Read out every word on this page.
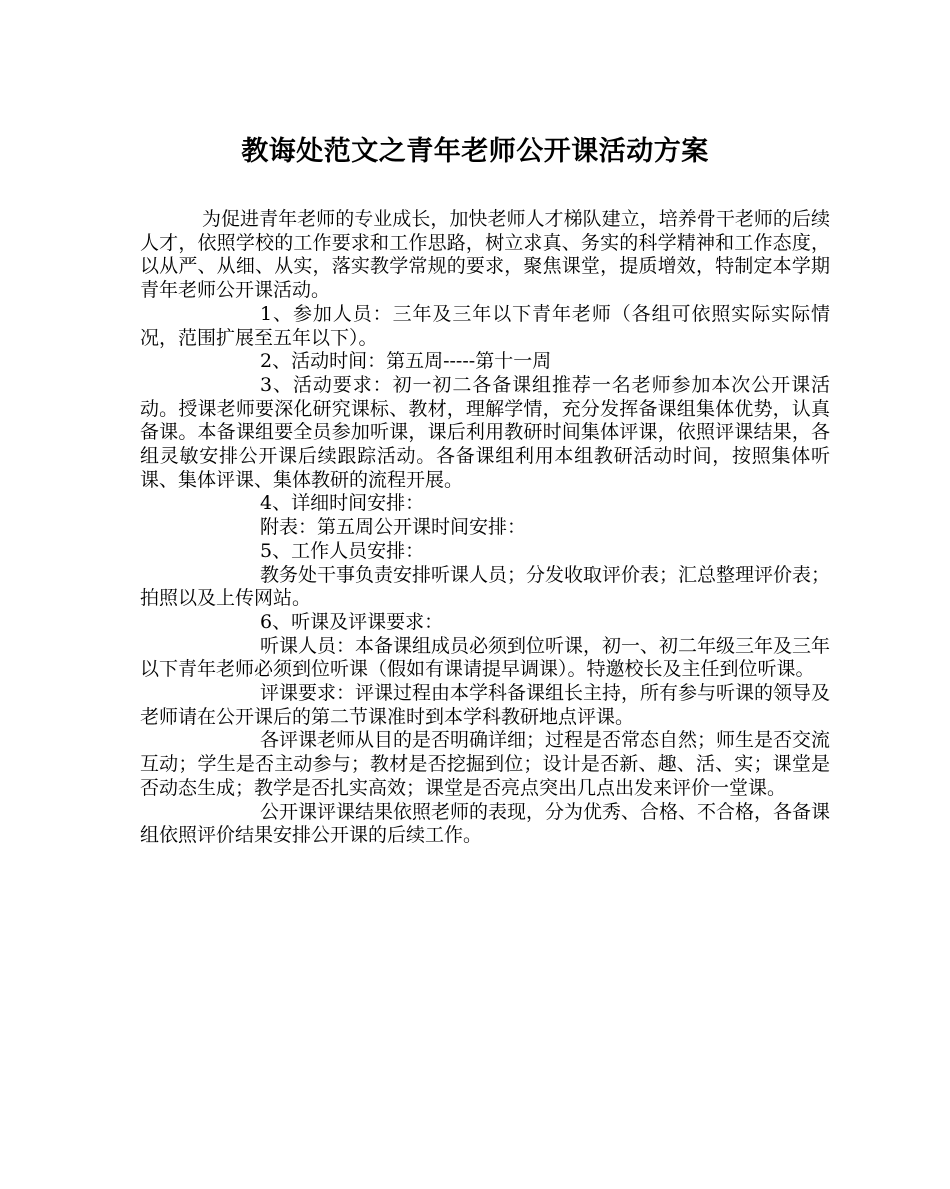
教诲处范文之青年老师公开课活动方案

为促进青年老师的专业成长，加快老师人才梯队建立，培养骨干老师的后续人才，依照学校的工作要求和工作思路，树立求真、务实的科学精神和工作态度，以从严、从细、从实，落实教学常规的要求，聚焦课堂，提质增效，特制定本学期青年老师公开课活动。

1、参加人员：三年及三年以下青年老师（各组可依照实际实际情况，范围扩展至五年以下）。

2、活动时间：第五周-----第十一周

3、活动要求：初一初二各备课组推荐一名老师参加本次公开课活动。授课老师要深化研究课标、教材，理解学情，充分发挥备课组集体优势，认真备课。本备课组要全员参加听课，课后利用教研时间集体评课，依照评课结果，各组灵敏安排公开课后续跟踪活动。各备课组利用本组教研活动时间，按照集体听课、集体评课、集体教研的流程开展。

4、详细时间安排：

附表：第五周公开课时间安排：

5、工作人员安排：

教务处干事负责安排听课人员；分发收取评价表；汇总整理评价表；拍照以及上传网站。

6、听课及评课要求：

听课人员：本备课组成员必须到位听课，初一、初二年级三年及三年以下青年老师必须到位听课（假如有课请提早调课）。特邀校长及主任到位听课。

评课要求：评课过程由本学科备课组长主持，所有参与听课的领导及老师请在公开课后的第二节课准时到本学科教研地点评课。

各评课老师从目的是否明确详细；过程是否常态自然；师生是否交流互动；学生是否主动参与；教材是否挖掘到位；设计是否新、趣、活、实；课堂是否动态生成；教学是否扎实高效；课堂是否亮点突出几点出发来评价一堂课。

公开课评课结果依照老师的表现，分为优秀、合格、不合格，各备课组依照评价结果安排公开课的后续工作。
